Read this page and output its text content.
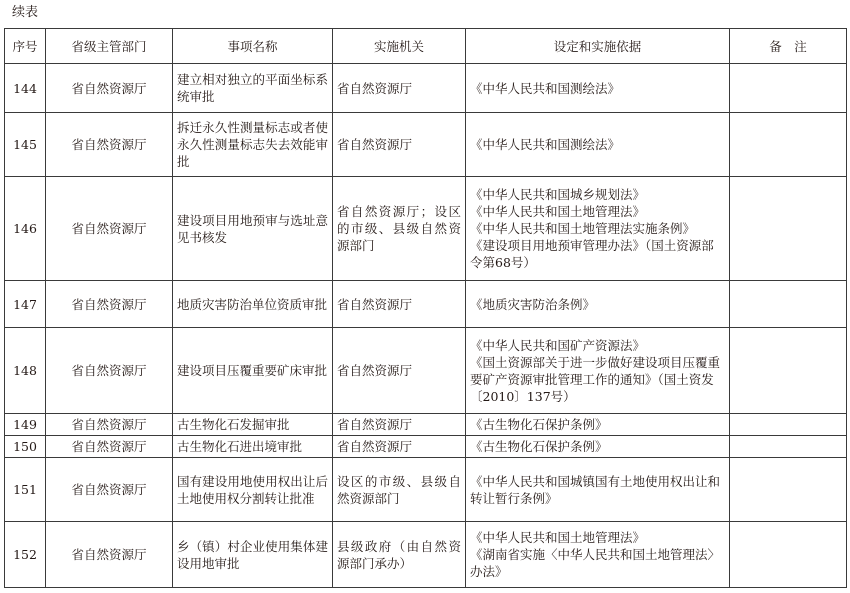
续表
序号	省级主管部门	事项名称	实施机关	设定和实施依据	备　注
144	省自然资源厅	建立相对独立的平面坐标系统审批	省自然资源厅	《中华人民共和国测绘法》	

145	省自然资源厅	拆迁永久性测量标志或者使永久性测量标志失去效能审批	省自然资源厅	《中华人民共和国测绘法》	

146	省自然资源厅	建设项目用地预审与选址意见书核发	省自然资源厅；设区的市级、县级自然资源部门	《中华人民共和国城乡规划法》
《中华人民共和国土地管理法》
《中华人民共和国土地管理法实施条例》
《建设项目用地预审管理办法》（国土资源部令第68号）	

147	省自然资源厅	地质灾害防治单位资质审批	省自然资源厅	《地质灾害防治条例》	

148	省自然资源厅	建设项目压覆重要矿床审批	省自然资源厅	《中华人民共和国矿产资源法》
《国土资源部关于进一步做好建设项目压覆重要矿产资源审批管理工作的通知》（国土资发〔2010〕137号）	

149	省自然资源厅	古生物化石发掘审批	省自然资源厅	《古生物化石保护条例》	

150	省自然资源厅	古生物化石进出境审批	省自然资源厅	《古生物化石保护条例》	

151	省自然资源厅	国有建设用地使用权出让后土地使用权分割转让批准	设区的市级、县级自然资源部门	《中华人民共和国城镇国有土地使用权出让和转让暂行条例》	

152	省自然资源厅	乡（镇）村企业使用集体建设用地审批	县级政府（由自然资源部门承办）	《中华人民共和国土地管理法》
《湖南省实施〈中华人民共和国土地管理法〉办法》	
